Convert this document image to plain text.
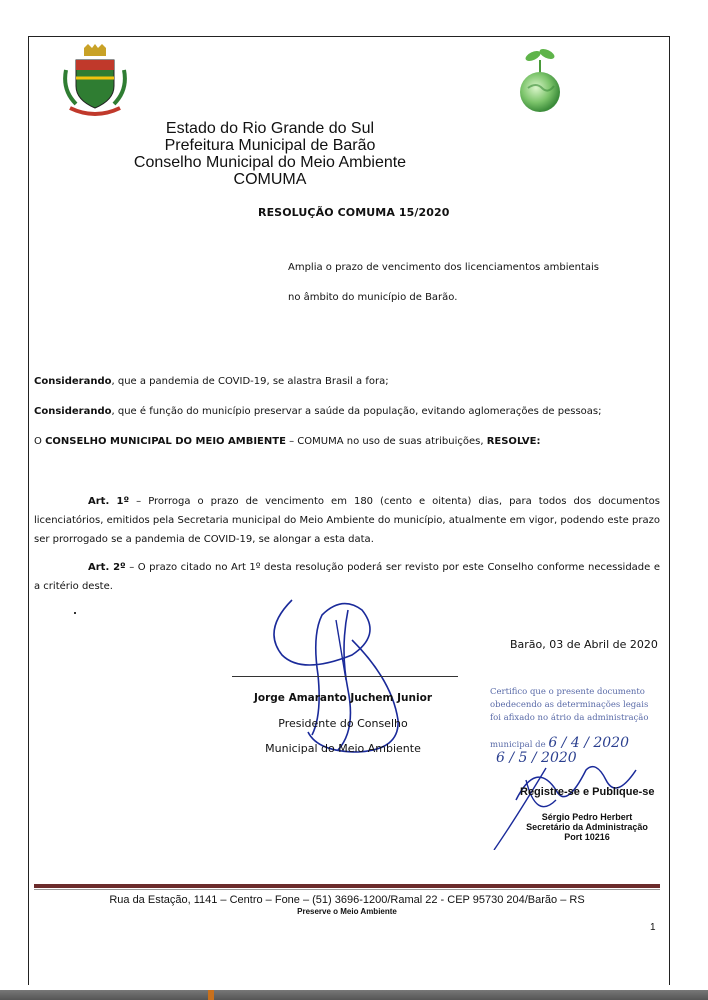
Estado do Rio Grande do Sul
Prefeitura Municipal de Barão
Conselho Municipal do Meio Ambiente
COMUMA
RESOLUÇÃO COMUMA 15/2020
Amplia o prazo de vencimento dos licenciamentos ambientais
no âmbito do município de Barão.
Considerando, que a pandemia de COVID-19, se alastra Brasil a fora;
Considerando, que é função do município preservar a saúde da população, evitando aglomerações de pessoas;
O CONSELHO MUNICIPAL DO MEIO AMBIENTE – COMUMA no uso de suas atribuições, RESOLVE:
Art. 1º – Prorroga o prazo de vencimento em 180 (cento e oitenta) dias, para todos dos documentos licenciatórios, emitidos pela Secretaria municipal do Meio Ambiente do município, atualmente em vigor, podendo este prazo ser prorrogado se a pandemia de COVID-19, se alongar a esta data.
Art. 2º – O prazo citado no Art 1º desta resolução poderá ser revisto por este Conselho conforme necessidade e a critério deste.
Barão, 03 de Abril de 2020
Jorge Amaranto Juchem Junior
Presidente do Conselho
Municipal do Meio Ambiente
Certifico que o presente documento
obedecendo as determinações legais
foi afixado no átrio da administração
municipal de 6 / 4 / 2020
6 / 5 / 2020
Registre-se e Publique-se
Sérgio Pedro Herbert
Secretário da Administração
Port 10216
Rua da Estação, 1141 – Centro – Fone – (51) 3696-1200/Ramal 22 - CEP 95730 204/Barão – RS
Preserve o Meio Ambiente
1
